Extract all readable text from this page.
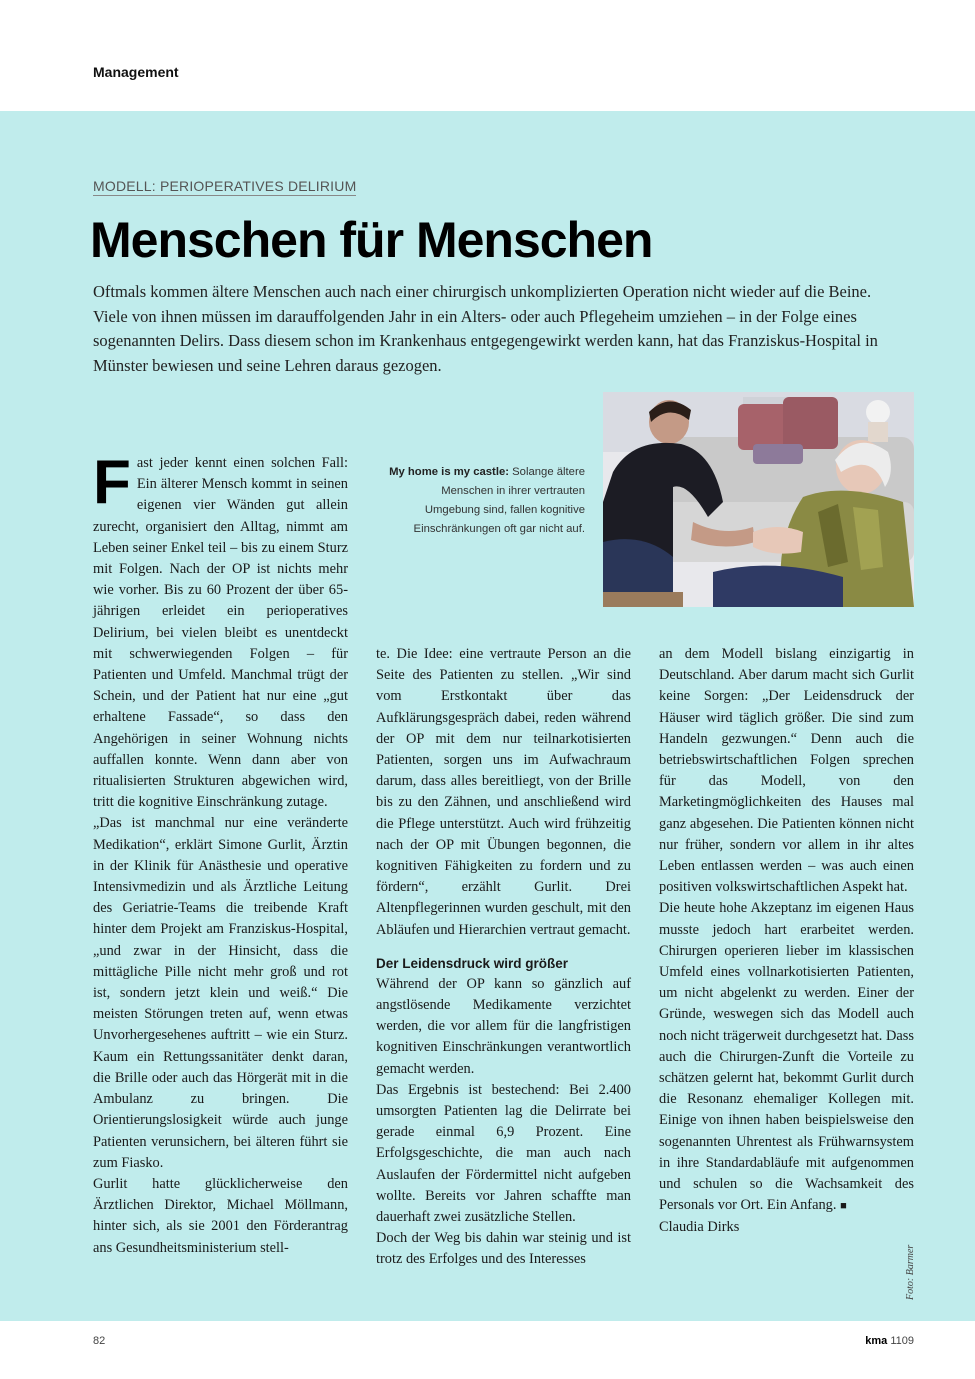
Management
MODELL: PERIOPERATIVES DELIRIUM
Menschen für Menschen

Oftmals kommen ältere Menschen auch nach einer chirurgisch unkomplizierten Operation nicht wieder auf die Beine. Viele von ihnen müssen im darauffolgenden Jahr in ein Alters- oder auch Pflegeheim umziehen – in der Folge eines sogenannten Delirs. Dass diesem schon im Krankenhaus entgegengewirkt werden kann, hat das Franziskus-Hospital in Münster bewiesen und seine Lehren daraus gezogen.

My home is my castle: Solange ältere Menschen in ihrer vertrauten Umgebung sind, fallen kognitive Einschränkungen oft gar nicht auf.

Fast jeder kennt einen solchen Fall: Ein älterer Mensch kommt in seinen eigenen vier Wänden gut allein zurecht, organisiert den Alltag, nimmt am Leben seiner Enkel teil – bis zu einem Sturz mit Folgen. Nach der OP ist nichts mehr wie vorher. Bis zu 60 Prozent der über 65-jährigen erleidet ein perioperatives Delirium, bei vielen bleibt es unentdeckt mit schwerwiegenden Folgen – für Patienten und Umfeld. Manchmal trügt der Schein, und der Patient hat nur eine „gut erhaltene Fassade“, so dass den Angehörigen in seiner Wohnung nichts auffallen konnte. Wenn dann aber von ritualisierten Strukturen abgewichen wird, tritt die kognitive Einschränkung zutage.

„Das ist manchmal nur eine veränderte Medikation“, erklärt Simone Gurlit, Ärztin in der Klinik für Anästhesie und operative Intensivmedizin und als Ärztliche Leitung des Geriatrie-Teams die treibende Kraft hinter dem Projekt am Franziskus-Hospital, „und zwar in der Hinsicht, dass die mittägliche Pille nicht mehr groß und rot ist, sondern jetzt klein und weiß.“ Die meisten Störungen treten auf, wenn etwas Unvorhergesehenes auftritt – wie ein Sturz. Kaum ein Rettungssanitäter denkt daran, die Brille oder auch das Hörgerät mit in die Ambulanz zu bringen. Die Orientierungslosigkeit würde auch junge Patienten verunsichern, bei älteren führt sie zum Fiasko.

Gurlit hatte glücklicherweise den Ärztlichen Direktor, Michael Möllmann, hinter sich, als sie 2001 den Förderantrag ans Gesundheitsministerium stell-

te. Die Idee: eine vertraute Person an die Seite des Patienten zu stellen. „Wir sind vom Erstkontakt über das Aufklärungsgespräch dabei, reden während der OP mit dem nur teilnarkotisierten Patienten, sorgen uns im Aufwachraum darum, dass alles bereitliegt, von der Brille bis zu den Zähnen, und anschließend wird die Pflege unterstützt. Auch wird frühzeitig nach der OP mit Übungen begonnen, die kognitiven Fähigkeiten zu fordern und zu fördern“, erzählt Gurlit. Drei Altenpflegerinnen wurden geschult, mit den Abläufen und Hierarchien vertraut gemacht.

Der Leidensdruck wird größer

Während der OP kann so gänzlich auf angstlösende Medikamente verzichtet werden, die vor allem für die langfristigen kognitiven Einschränkungen verantwortlich gemacht werden.

Das Ergebnis ist bestechend: Bei 2.400 umsorgten Patienten lag die Delirrate bei gerade einmal 6,9 Prozent. Eine Erfolgsgeschichte, die man auch nach Auslaufen der Fördermittel nicht aufgeben wollte. Bereits vor Jahren schaffte man dauerhaft zwei zusätzliche Stellen.

Doch der Weg bis dahin war steinig und ist trotz des Erfolges und des Interesses

an dem Modell bislang einzigartig in Deutschland. Aber darum macht sich Gurlit keine Sorgen: „Der Leidensdruck der Häuser wird täglich größer. Die sind zum Handeln gezwungen.“ Denn auch die betriebswirtschaftlichen Folgen sprechen für das Modell, von den Marketingmöglichkeiten des Hauses mal ganz abgesehen. Die Patienten können nicht nur früher, sondern vor allem in ihr altes Leben entlassen werden – was auch einen positiven volkswirtschaftlichen Aspekt hat.

Die heute hohe Akzeptanz im eigenen Haus musste jedoch hart erarbeitet werden. Chirurgen operieren lieber im klassischen Umfeld eines vollnarkotisierten Patienten, um nicht abgelenkt zu werden. Einer der Gründe, weswegen sich das Modell auch noch nicht trägerweit durchgesetzt hat. Dass auch die Chirurgen-Zunft die Vorteile zu schätzen gelernt hat, bekommt Gurlit durch die Resonanz ehemaliger Kollegen mit. Einige von ihnen haben beispielsweise den sogenannten Uhrentest als Frühwarnsystem in ihre Standardabläufe mit aufgenommen und schulen so die Wachsamkeit des Personals vor Ort. Ein Anfang. ■

Claudia Dirks

Foto: Barmer
82	kma 1109
